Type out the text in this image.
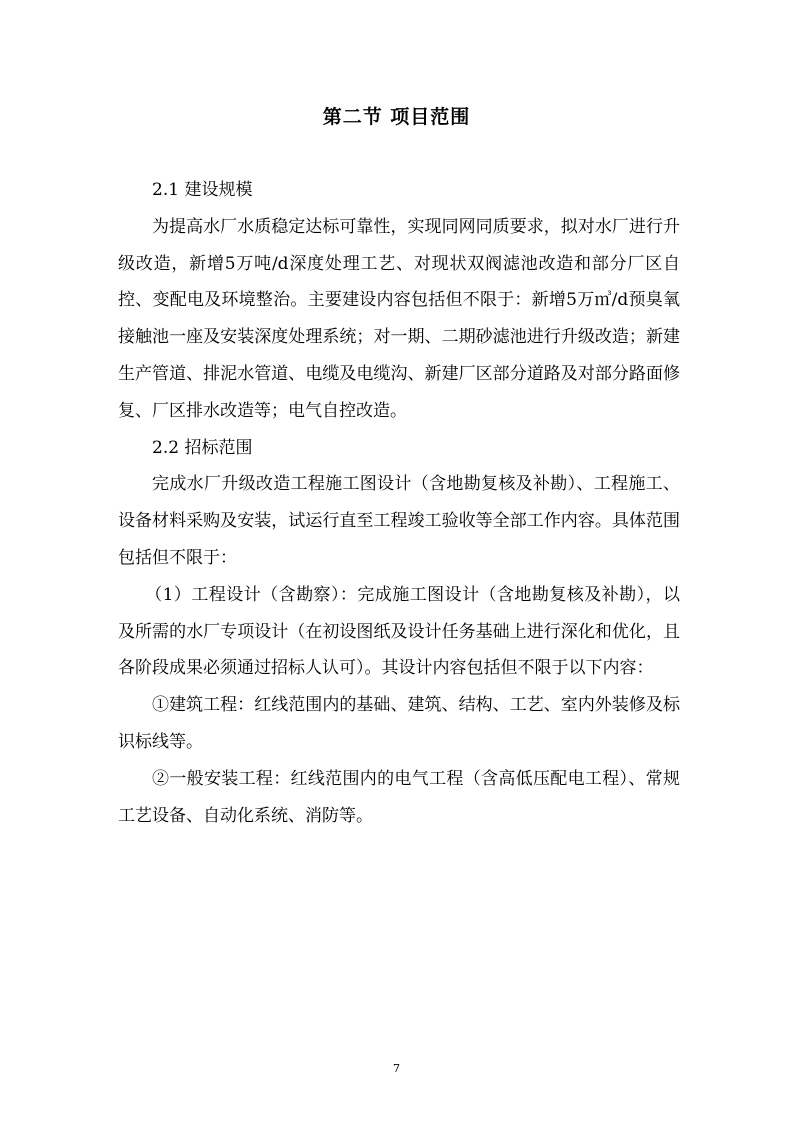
第二节 项目范围

2.1 建设规模

为提高水厂水质稳定达标可靠性，实现同网同质要求，拟对水厂进行升级改造，新增5万吨/d深度处理工艺、对现状双阀滤池改造和部分厂区自控、变配电及环境整治。主要建设内容包括但不限于：新增5万㎥/d预臭氧接触池一座及安装深度处理系统；对一期、二期砂滤池进行升级改造；新建生产管道、排泥水管道、电缆及电缆沟、新建厂区部分道路及对部分路面修复、厂区排水改造等；电气自控改造。

2.2 招标范围

完成水厂升级改造工程施工图设计（含地勘复核及补勘）、工程施工、设备材料采购及安装，试运行直至工程竣工验收等全部工作内容。具体范围包括但不限于：

（1）工程设计（含勘察）：完成施工图设计（含地勘复核及补勘），以及所需的水厂专项设计（在初设图纸及设计任务基础上进行深化和优化，且各阶段成果必须通过招标人认可）。其设计内容包括但不限于以下内容：

①建筑工程：红线范围内的基础、建筑、结构、工艺、室内外装修及标识标线等。

②一般安装工程：红线范围内的电气工程（含高低压配电工程）、常规工艺设备、自动化系统、消防等。

7
